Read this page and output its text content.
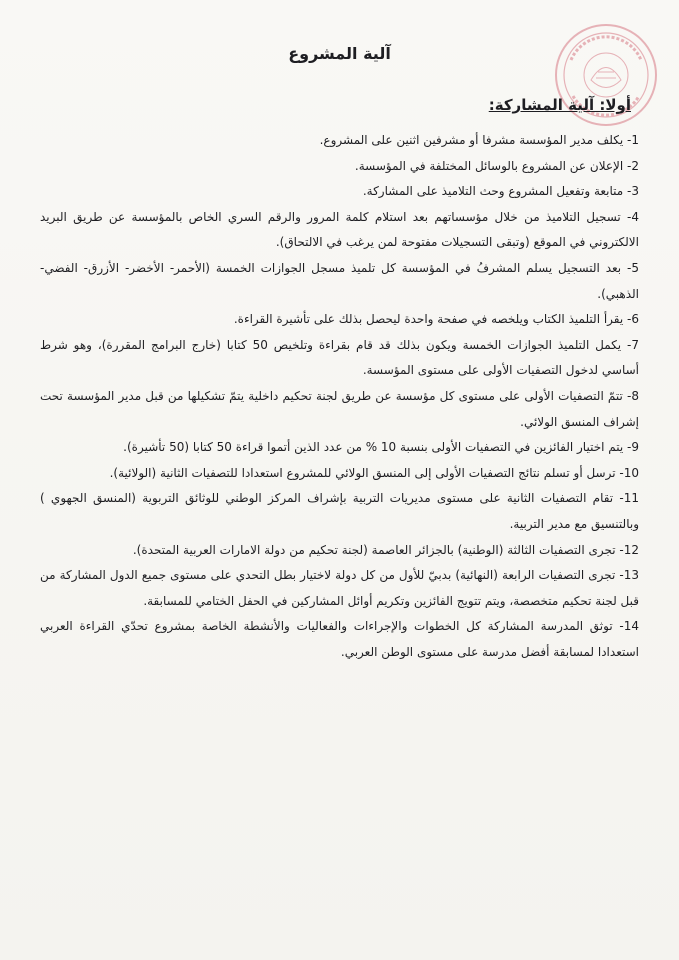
آلية المشروع
أولا: آلية المشاركة:

1- يكلف مدير المؤسسة مشرفا أو مشرفين اثنين على المشروع.

2- الإعلان عن المشروع بالوسائل المختلفة في المؤسسة.

3- متابعة وتفعيل المشروع وحث التلاميذ على المشاركة.

4- تسجيل التلاميذ من خلال مؤسساتهم بعد استلام كلمة المرور والرقم السري الخاص بالمؤسسة عن طريق البريد الالكتروني في الموقع (وتبقى التسجيلات مفتوحة لمن يرغب في الالتحاق).

5- بعد التسجيل يسلم المشرفُ في المؤسسة كل تلميذ مسجل الجوازات الخمسة (الأحمر- الأخضر- الأزرق- الفضي- الذهبي).

6- يقرأ التلميذ الكتاب ويلخصه في صفحة واحدة ليحصل بذلك على تأشيرة القراءة.

7- يكمل التلميذ الجوازات الخمسة ويكون بذلك قد قام بقراءة وتلخيص 50 كتابا (خارج البرامج المقررة)، وهو شرط أساسي لدخول التصفيات الأولى على مستوى المؤسسة.

8- تتمّ التصفيات الأولى على مستوى كل مؤسسة عن طريق لجنة تحكيم داخلية يتمّ تشكيلها من قبل مدير المؤسسة تحت إشراف المنسق الولائي.

9- يتم اختيار الفائزين في التصفيات الأولى بنسبة 10 % من عدد الذين أتموا قراءة 50 كتابا (50 تأشيرة).

10- ترسل أو تسلم نتائج التصفيات الأولى إلى المنسق الولائي للمشروع استعدادا للتصفيات الثانية (الولائية).

11- تقام التصفيات الثانية على مستوى مديريات التربية بإشراف المركز الوطني للوثائق التربوية (المنسق الجهوي ) وبالتنسيق مع مدير التربية.

12- تجرى التصفيات الثالثة (الوطنية) بالجزائر العاصمة (لجنة تحكيم من دولة الامارات العربية المتحدة).

13- تجرى التصفيات الرابعة (النهائية) بدبيّ للأول من كل دولة لاختيار بطل التحدي على مستوى جميع الدول المشاركة من قبل لجنة تحكيم متخصصة، ويتم تتويج الفائزين وتكريم أوائل المشاركين في الحفل الختامي للمسابقة.

14- توثق المدرسة المشاركة كل الخطوات والإجراءات والفعاليات والأنشطة الخاصة بمشروع تحدّي القراءة العربي استعدادا لمسابقة أفضل مدرسة على مستوى الوطن العربي.
